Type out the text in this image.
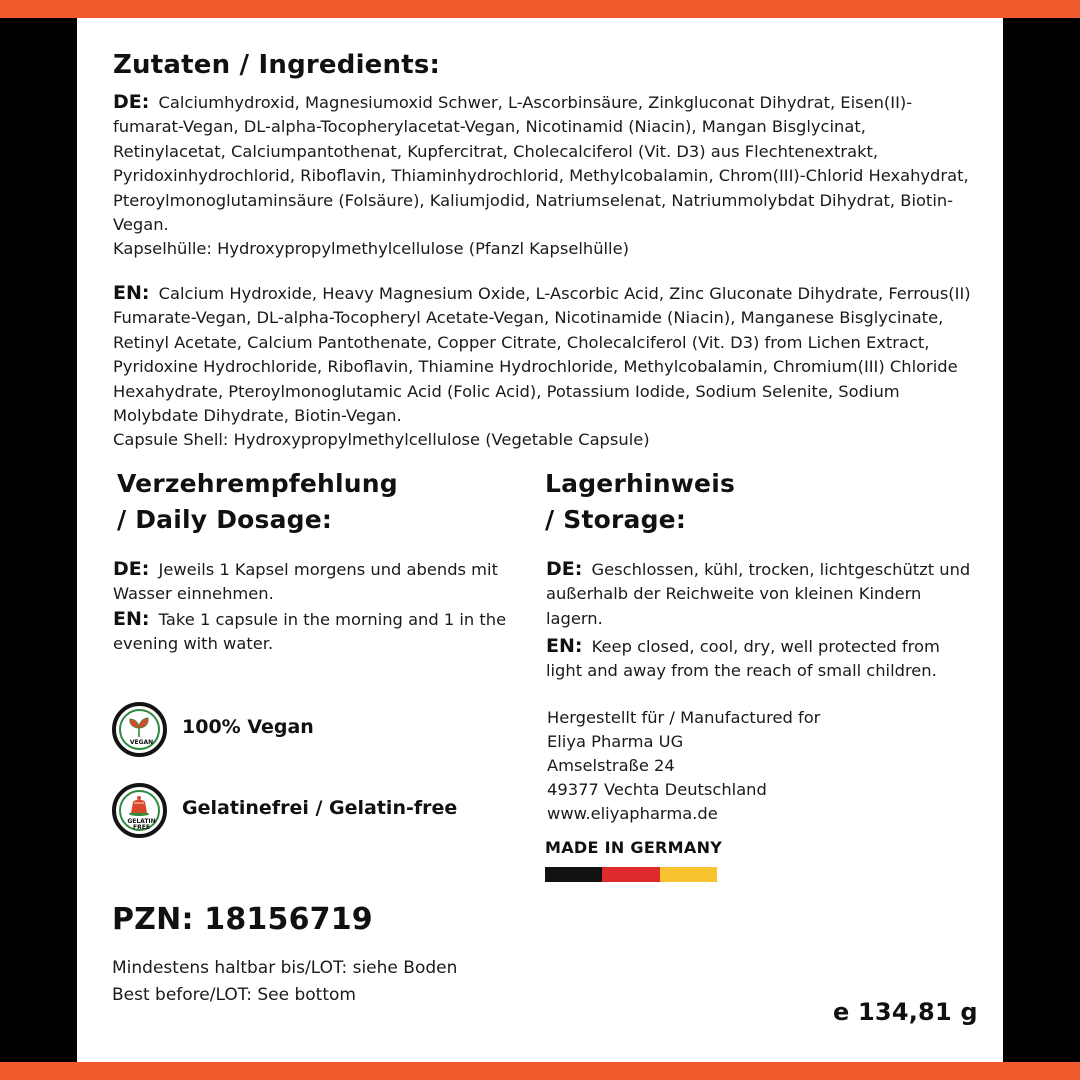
Zutaten / Ingredients:

DE: Calciumhydroxid, Magnesiumoxid Schwer, L-Ascorbinsäure, Zinkgluconat Dihydrat, Eisen(II)-fumarat-Vegan, DL-alpha-Tocopherylacetat-Vegan, Nicotinamid (Niacin), Mangan Bisglycinat, Retinylacetat, Calciumpantothenat, Kupfercitrat, Cholecalciferol (Vit. D3) aus Flechtenextrakt, Pyridoxinhydrochlorid, Riboflavin, Thiaminhydrochlorid, Methylcobalamin, Chrom(III)-Chlorid Hexahydrat, Pteroylmonoglutaminsäure (Folsäure), Kaliumjodid, Natriumselenat, Natriummolybdat Dihydrat, Biotin-Vegan.
Kapselhülle: Hydroxypropylmethylcellulose (Pfanzl Kapselhülle)

EN: Calcium Hydroxide, Heavy Magnesium Oxide, L-Ascorbic Acid, Zinc Gluconate Dihydrate, Ferrous(II) Fumarate-Vegan, DL-alpha-Tocopheryl Acetate-Vegan, Nicotinamide (Niacin), Manganese Bisglycinate, Retinyl Acetate, Calcium Pantothenate, Copper Citrate, Cholecalciferol (Vit. D3) from Lichen Extract, Pyridoxine Hydrochloride, Riboflavin, Thiamine Hydrochloride, Methylcobalamin, Chromium(III) Chloride Hexahydrate, Pteroylmonoglutamic Acid (Folic Acid), Potassium Iodide, Sodium Selenite, Sodium Molybdate Dihydrate, Biotin-Vegan.
Capsule Shell: Hydroxypropylmethylcellulose (Vegetable Capsule)

Verzehrempfehlung
/ Daily Dosage:

DE: Jeweils 1 Kapsel morgens und abends mit Wasser einnehmen.

EN: Take 1 capsule in the morning and 1 in the evening with water.

Lagerhinweis
/ Storage:

DE: Geschlossen, kühl, trocken, lichtgeschützt und außerhalb der Reichweite von kleinen Kindern lagern.

EN: Keep closed, cool, dry, well protected from light and away from the reach of small children.

VEGAN
100% Vegan
GELATIN
FREE
Gelatinefrei / Gelatin-free
Hergestellt für / Manufactured for
Eliya Pharma UG
Amselstraße 24
49377 Vechta Deutschland
www.eliyapharma.de
MADE IN GERMANY
PZN: 18156719
Mindestens haltbar bis/LOT: siehe Boden
Best before/LOT: See bottom
e 134,81 g
